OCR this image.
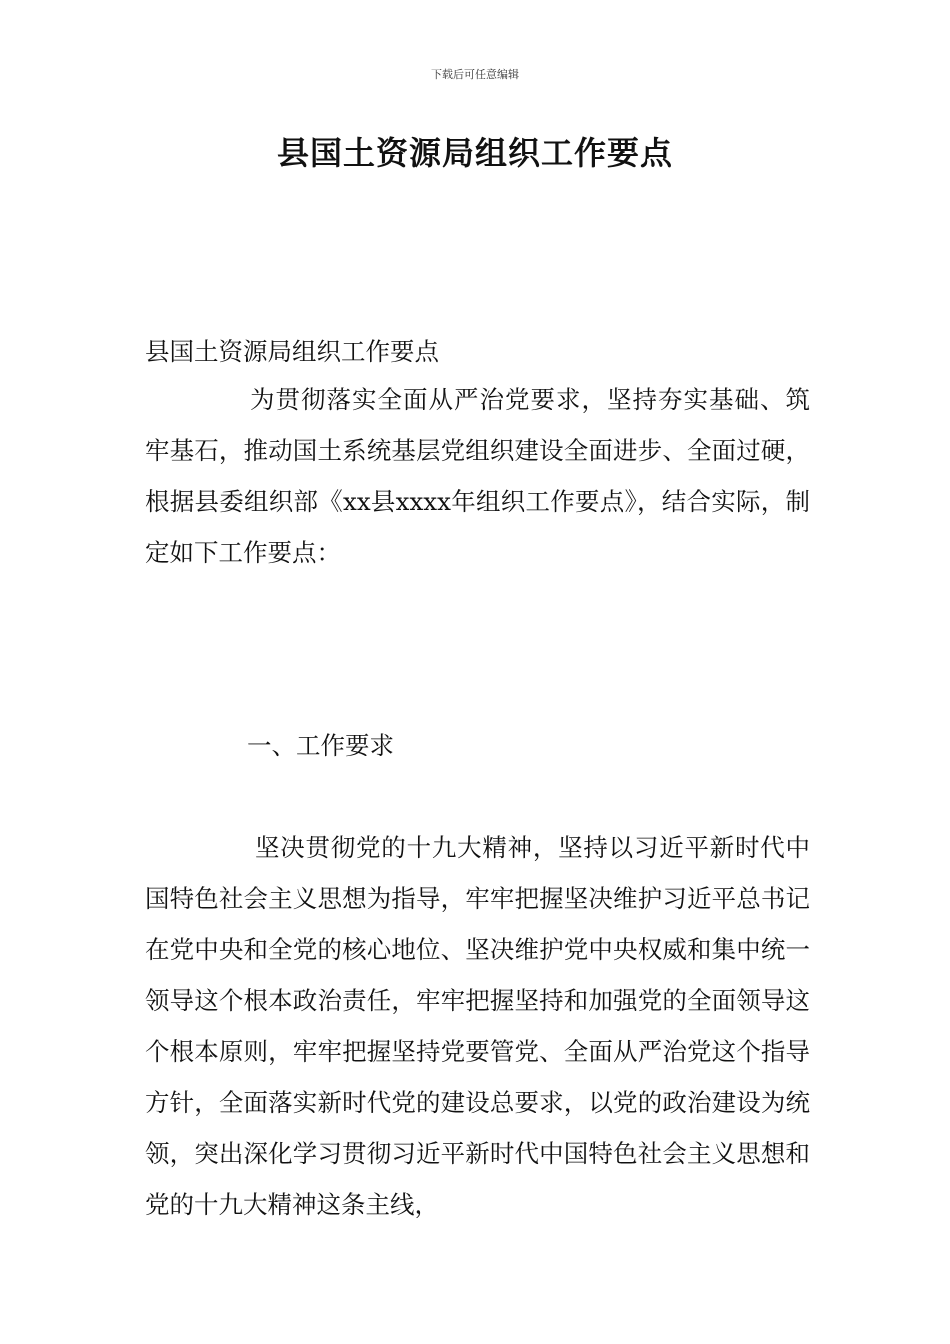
下载后可任意编辑
县国土资源局组织工作要点

县国土资源局组织工作要点

为贯彻落实全面从严治党要求，坚持夯实基础、筑牢基石，推动国土系统基层党组织建设全面进步、全面过硬，根据县委组织部《xx县xxxx年组织工作要点》，结合实际，制定如下工作要点：

一、工作要求

坚决贯彻党的十九大精神，坚持以习近平新时代中国特色社会主义思想为指导，牢牢把握坚决维护习近平总书记在党中央和全党的核心地位、坚决维护党中央权威和集中统一领导这个根本政治责任，牢牢把握坚持和加强党的全面领导这个根本原则，牢牢把握坚持党要管党、全面从严治党这个指导方针，全面落实新时代党的建设总要求，以党的政治建设为统领，突出深化学习贯彻习近平新时代中国特色社会主义思想和党的十九大精神这条主线，
